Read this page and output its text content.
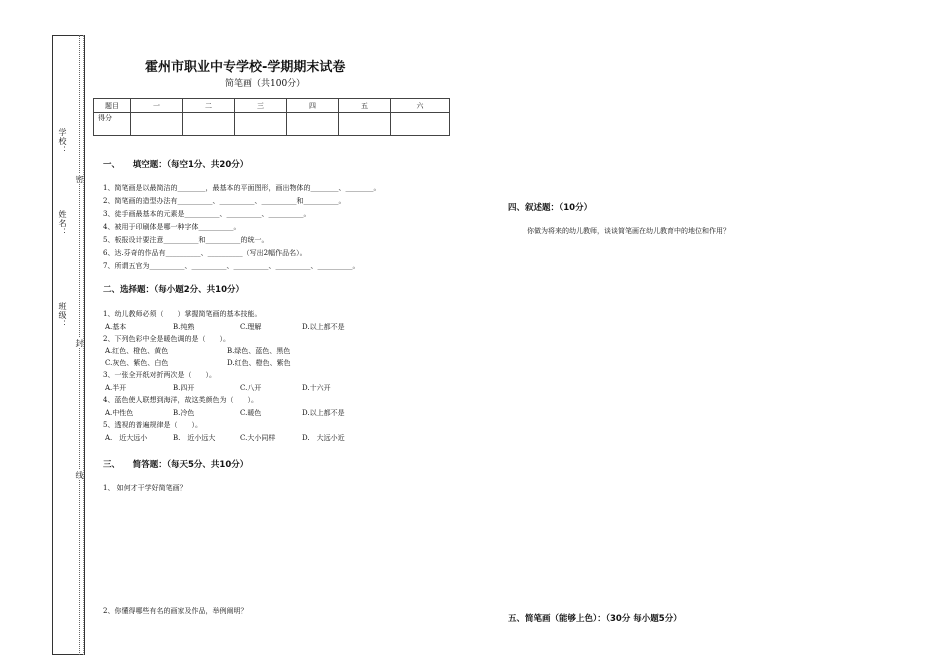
学校：
姓名：
班级：
密
封
线
霍州市职业中专学校-学期期末试卷
简笔画（共100分）
题目	一	二	三	四	五	六
得分						
一、　　填空题：（每空1分、共20分）
1、简笔画是以最简洁的________，最基本的平面图形，画出物体的________、________。
2、简笔画的造型办法有__________、__________、__________和__________。
3、徒手画最基本的元素是__________、__________、__________。
4、被用于印刷体是哪一种字体__________。
5、板报设计要注意__________和__________的统一。
6、达.芬奇的作品有__________、__________（写出2幅作品名）。
7、所谓五官为__________、__________、__________、__________、__________。
二、选择题：（每小题2分、共10分）
1、幼儿教师必须（　　）掌握简笔画的基本技能。
A.基本	B.纯熟	C.理解	D.以上都不是
2、下列色彩中全是暖色调的是（　　）。
A.红色、橙色、黄色	B.绿色、蓝色、黑色
C.灰色、紫色、白色	D.红色、橙色、紫色
3、一张全开纸对折两次是（　　）。
A.半开	B.四开	C.八开	D.十六开
4、蓝色使人联想到海洋，故这类颜色为（　　）。
A.中性色	B.冷色	C.暖色	D.以上都不是
5、透视的普遍规律是（　　）。
A.　近大远小	B.　近小远大	C.大小同样	D.　大远小近
三、　　简答题：（每天5分、共10分）
1、 如何才干学好简笔画？
2、你懂得哪些有名的画家及作品，举例阐明？
四、叙述题：（10分）
你做为将来的幼儿教师，谈谈简笔画在幼儿教育中的地位和作用？
五、简笔画（能够上色）：（30分 每小题5分）
